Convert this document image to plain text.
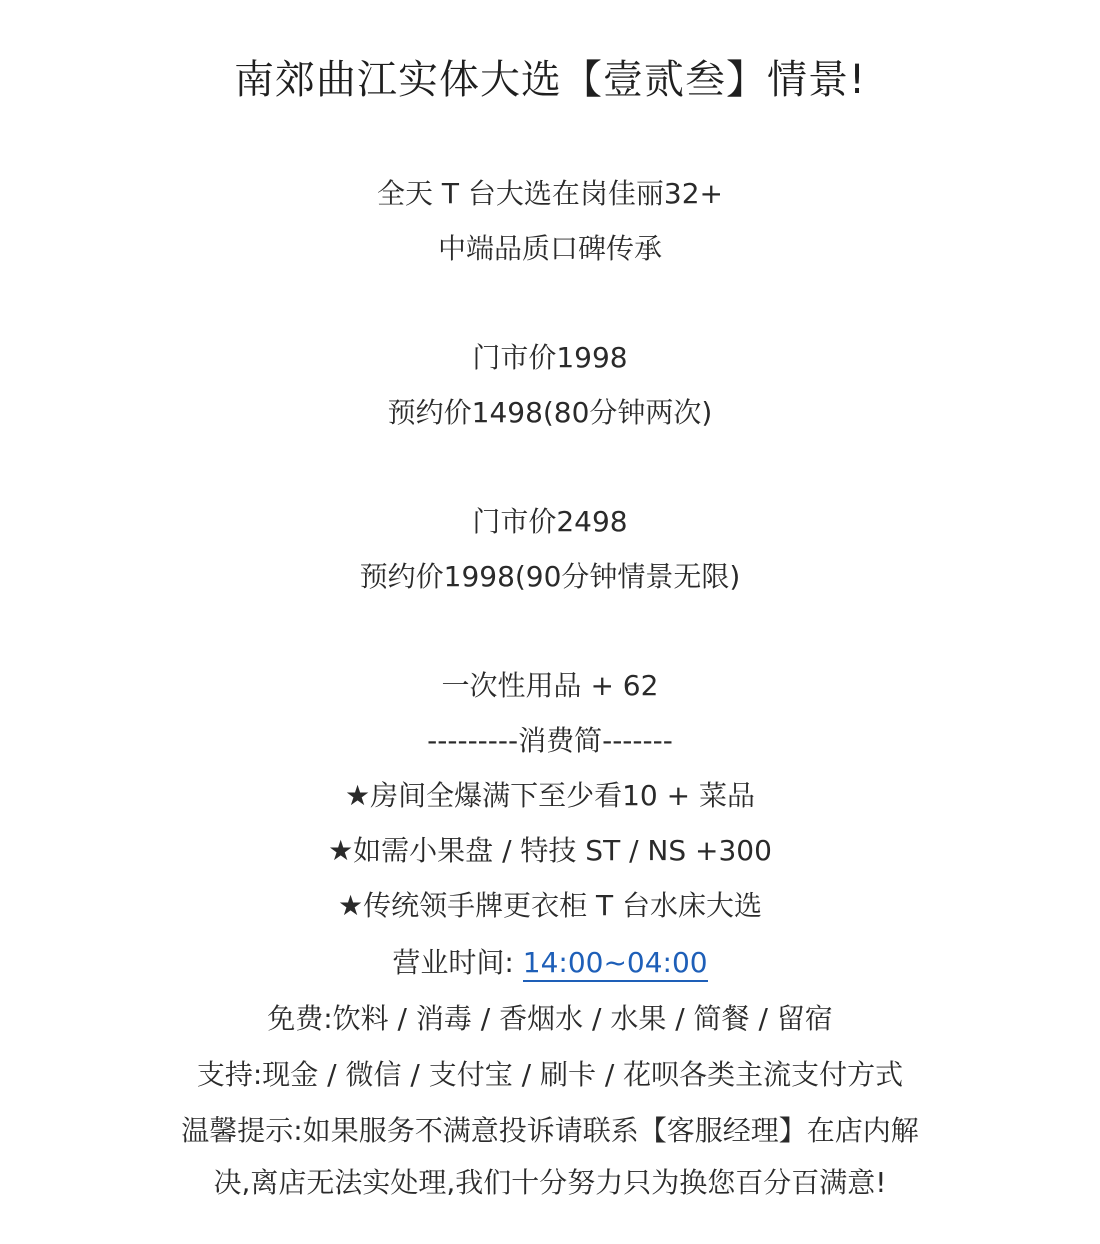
南郊曲江实体大选【壹贰叁】情景!
全天 T 台大选在岗佳丽32+
中端品质口碑传承
门市价1998
预约价1498(80分钟两次)
门市价2498
预约价1998(90分钟情景无限)
一次性用品 + 62
---------消费简-------
★房间全爆满下至少看10 + 菜品
★如需小果盘 / 特技 ST / NS +300
★传统领手牌更衣柜 T 台水床大选
营业时间: 14:00~04:00
免费:饮料 / 消毒 / 香烟水 / 水果 / 简餐 / 留宿
支持:现金 / 微信 / 支付宝 / 刷卡 / 花呗各类主流支付方式
温馨提示:如果服务不满意投诉请联系【客服经理】在店内解
决,离店无法实处理,我们十分努力只为换您百分百满意!
